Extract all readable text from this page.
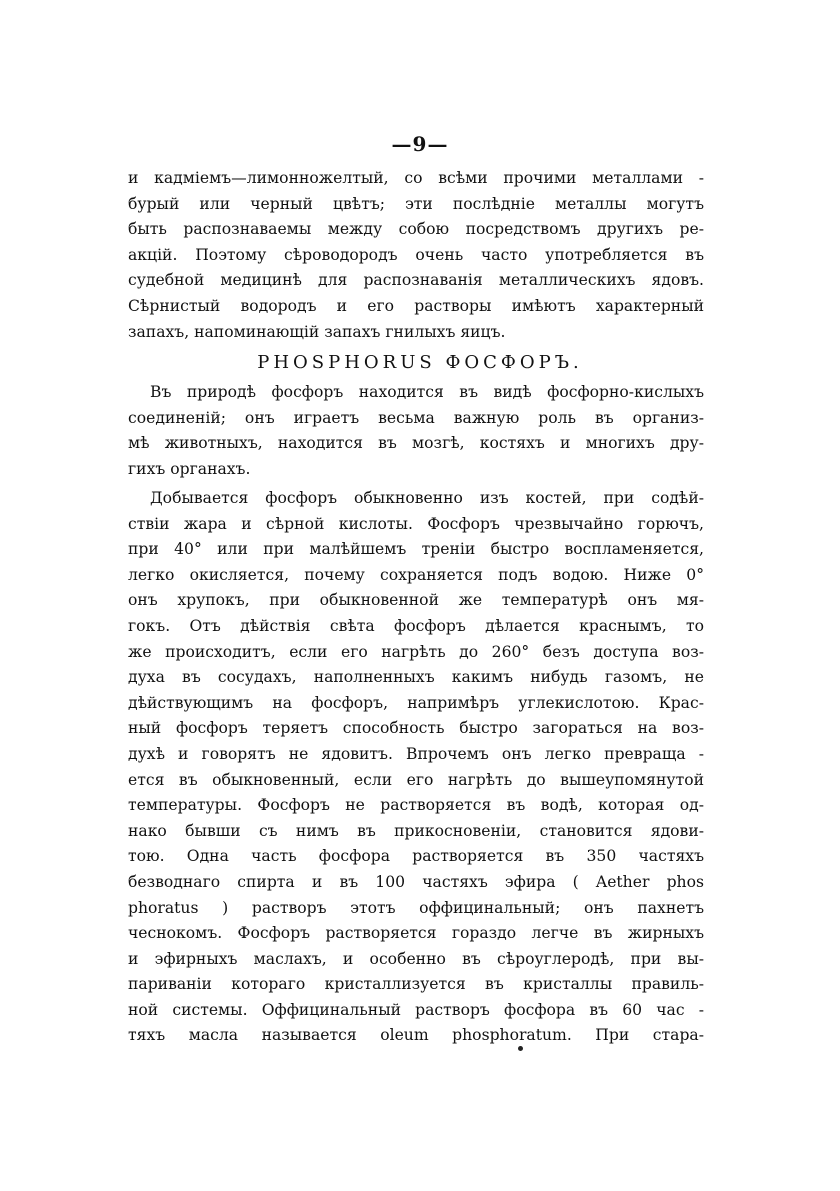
—9—
и кадміемъ—лимонножелтый, со всѣми прочими металлами -
бурый или черный цвѣтъ; эти послѣдніе металлы могутъ
быть распознаваемы между собою посредствомъ другихъ ре-
акцій. Поэтому сѣроводородъ очень часто употребляется въ
судебной медицинѣ для распознаванія металлическихъ ядовъ.
Сѣрнистый водородъ и его растворы имѣютъ характерный
запахъ, напоминающій запахъ гнилыхъ яицъ.
PHOSPHORUS ФОСФОРЪ.
Въ природѣ фосфоръ находится въ видѣ фосфорно-кислыхъ
соединеній; онъ играетъ весьма важную роль въ организ-
мѣ животныхъ, находится въ мозгѣ, костяхъ и многихъ дру-
гихъ органахъ.
Добывается фосфоръ обыкновенно изъ костей, при содѣй-
ствіи жара и сѣрной кислоты. Фосфоръ чрезвычайно горючъ,
при 40° или при малѣйшемъ треніи быстро воспламеняется,
легко окисляется, почему сохраняется подъ водою. Ниже 0°
онъ хрупокъ, при обыкновенной же температурѣ онъ мя-
гокъ. Отъ дѣйствія свѣта фосфоръ дѣлается краснымъ, то
же происходитъ, если его нагрѣть до 260° безъ доступа воз-
духа въ сосудахъ, наполненныхъ какимъ нибудь газомъ, не
дѣйствующимъ на фосфоръ, напримѣръ углекислотою. Крас-
ный фосфоръ теряетъ способность быстро загораться на воз-
духѣ и говорятъ не ядовитъ. Впрочемъ онъ легко превраща -
ется въ обыкновенный, если его нагрѣть до вышеупомянутой
температуры. Фосфоръ не растворяется въ водѣ, которая од-
нако бывши съ нимъ въ прикосновеніи, становится ядови-
тою. Одна часть фосфора растворяется въ 350 частяхъ
безводнаго спирта и въ 100 частяхъ эфира ( Aether phos
phoratus ) растворъ этотъ оффицинальный; онъ пахнетъ
чеснокомъ. Фосфоръ растворяется гораздо легче въ жирныхъ
и эфирныхъ маслахъ, и особенно въ сѣроуглеродѣ, при вы-
париваніи котораго кристаллизуется въ кристаллы правиль-
ной системы. Оффицинальный растворъ фосфора въ 60 час -
тяхъ масла называется oleum phosphoratum. При стара-
